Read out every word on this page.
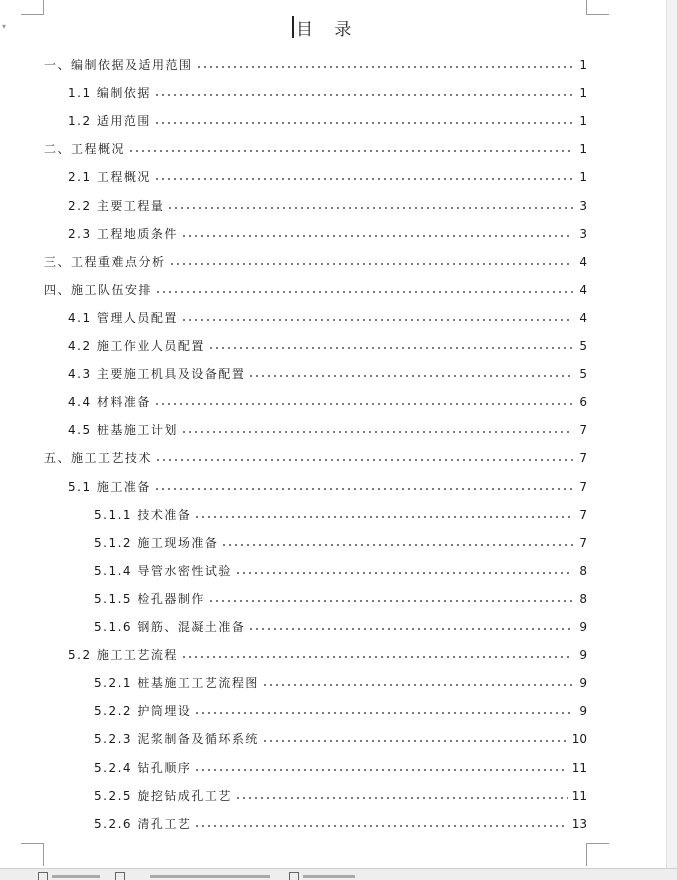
▾	目 录
一、编制依据及适用范围	1
1.1 编制依据	1
1.2 适用范围	1
二、工程概况	1
2.1 工程概况	1
2.2 主要工程量	3
2.3 工程地质条件	3
三、工程重难点分析	4
四、施工队伍安排	4
4.1 管理人员配置	4
4.2 施工作业人员配置	5
4.3 主要施工机具及设备配置	5
4.4 材料准备	6
4.5 桩基施工计划	7
五、施工工艺技术	7
5.1 施工准备	7
5.1.1 技术准备	7
5.1.2 施工现场准备	7
5.1.4 导管水密性试验	8
5.1.5 检孔器制作	8
5.1.6 钢筋、混凝土准备	9
5.2 施工工艺流程	9
5.2.1 桩基施工工艺流程图	9
5.2.2 护筒埋设	9
5.2.3 泥浆制备及循环系统	10
5.2.4 钻孔顺序	11
5.2.5 旋挖钻成孔工艺	11
5.2.6 清孔工艺	13
